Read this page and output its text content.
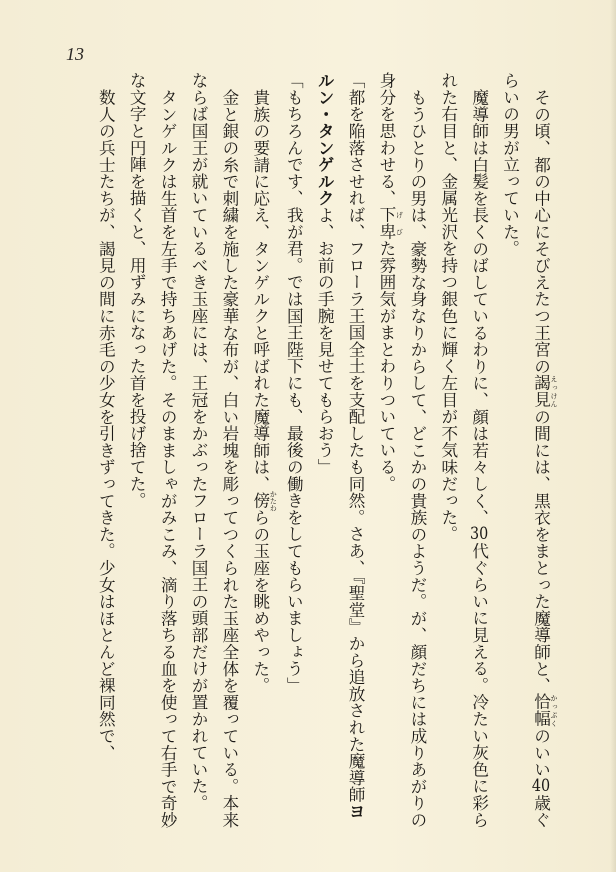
13

その頃、都の中心にそびえたつ王宮の謁見 えっけんの間には、黒衣をまとった魔導師と、恰幅 かっぷくのいい40歳ぐらいの男が立っていた。

魔導師は白髪を長くのばしているわりに、顔は若々しく、30代ぐらいに見える。冷たい灰色に彩られた右目と、金属光沢を持つ銀色に輝く左目が不気味だった。

もうひとりの男は、豪勢な身なりからして、どこかの貴族のようだ。が、顔だちには成りあがりの身分を思わせる、下卑 げびた雰囲気がまとわりついている。

「都を陥落させれば、フローラ王国全土を支配したも同然。さあ、『聖堂』から追放された魔導師ヨルン・タンゲルクよ、お前の手腕を見せてもらおう」

「もちろんです、我が君。では国王陛下にも、最後の働きをしてもらいましょう」

貴族の要請に応え、タンゲルクと呼ばれた魔導師は、傍 かたわらの玉座を眺めやった。

金と銀の糸で刺繍を施した豪華な布が、白い岩塊を彫ってつくられた玉座全体を覆っている。本来ならば国王が就いているべき玉座には、王冠をかぶったフローラ国王の頭部だけが置かれていた。

タンゲルクは生首を左手で持ちあげた。そのまましゃがみこみ、滴り落ちる血を使って右手で奇妙な文字と円陣を描くと、用ずみになった首を投げ捨てた。

数人の兵士たちが、謁見の間に赤毛の少女を引きずってきた。少女はほとんど裸同然で、
